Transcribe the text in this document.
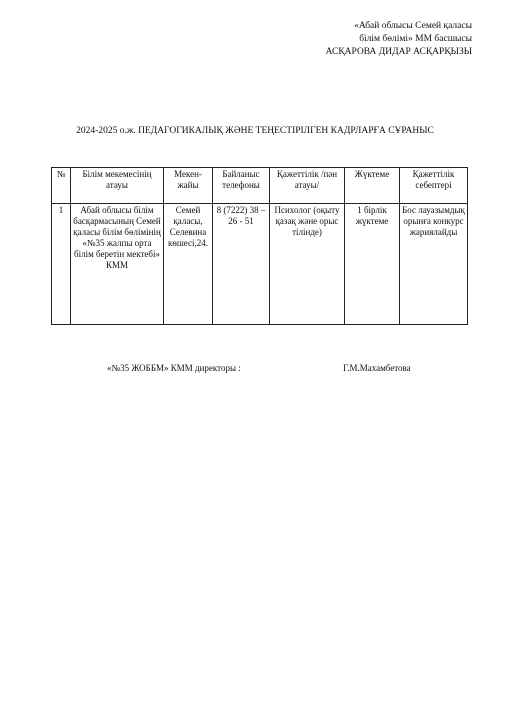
«Абай облысы Семей қаласы
білім бөлімі» ММ басшысы
АСҚАРОВА ДИДАР АСҚАРҚЫЗЫ
2024-2025 о.ж. ПЕДАГОГИКАЛЫҚ ЖӘНЕ ТЕҢЕСТІРІЛГЕН КАДРЛАРҒА СҰРАНЫС
№	Білім мекемесінің атауы	Мекен-жайы	Байланыс телефоны	Қажеттілік /пән атауы/	Жүктеме	Қажеттілік себептері
1	Абай облысы білім басқармасының Семей қаласы білім бөлімінің «№35 жалпы орта білім беретін мектебі» КММ	Семей қаласы, Селевина көшесі,24.	8 (7222) 38 – 26 - 51	Психолог (оқыту қазақ және орыс тілінде)	1 бірлік жүктеме	Бос лауазымдық орынға конкурс жариялайды
«№35 ЖОББМ» КММ директоры :	Г.М.Махамбетова
